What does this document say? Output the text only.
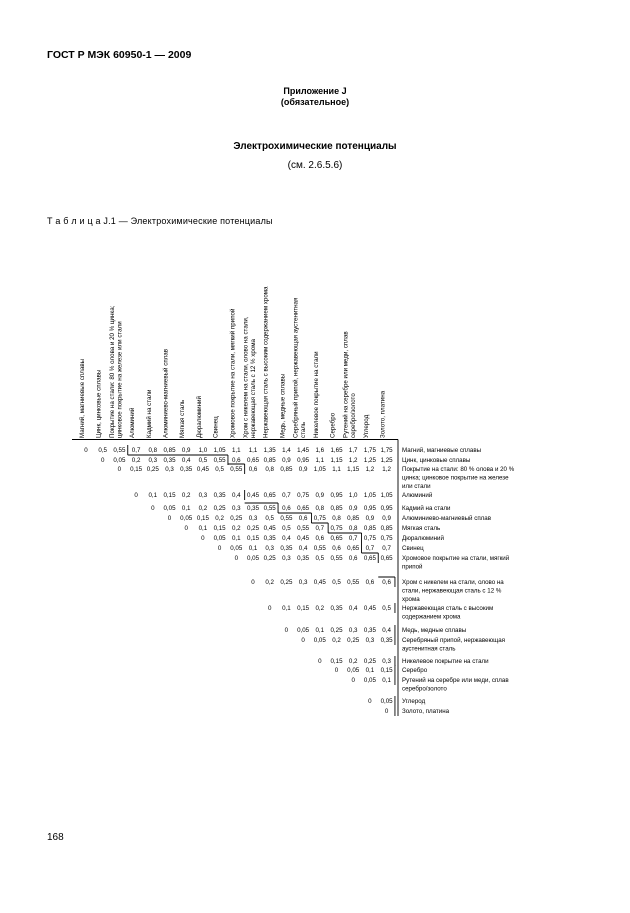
ГОСТ Р МЭК 60950-1 — 2009
Приложение J
(обязательное)
Электрохимические потенциалы
(см. 2.6.5.6)
Т а б л и ц а J.1 — Электрохимические потенциалы
Магний, магниевые сплавы Цинк, цинковые сплавы Покрытие на стали: 80 % олова и 20 % цинка; цинковое покрытие на железе или стали Алюминий Кадмий на стали Алюминиево-магниевый сплав Мягкая сталь Дюралюминий Свинец Хромовое покрытие на стали, мягкий припой Хром с никелем на стали, олово на стали, нержавеющая сталь с 12 % хрома Нержавеющая сталь с высоким содержанием хрома Медь, медные сплавы Серебряный припой, нержавеющая аустенитная сталь Никелевое покрытие на стали Серебро Рутений на серебре или меди, сплав серебро/золото Углерод Золото, платина
0 0,5 0,55 0,7 0,8 0,85 0,9 1,0 1,05 1,1 1,1 1,35 1,4 1,45 1,6 1,65 1,7 1,75 1,75
0 0,05 0,2 0,3 0,35 0,4 0,5 0,55 0,6 0,65 0,85 0,9 0,95 1,1 1,15 1,2 1,25 1,25
0 0,15 0,25 0,3 0,35 0,45 0,5 0,55 0,6 0,8 0,85 0,9 1,05 1,1 1,15 1,2 1,2
0 0,1 0,15 0,2 0,3 0,35 0,4 0,45 0,65 0,7 0,75 0,9 0,95 1,0 1,05 1,05
0 0,05 0,1 0,2 0,25 0,3 0,35 0,55 0,6 0,65 0,8 0,85 0,9 0,95 0,95
0 0,05 0,15 0,2 0,25 0,3 0,5 0,55 0,6 0,75 0,8 0,85 0,9 0,9
0 0,1 0,15 0,2 0,25 0,45 0,5 0,55 0,7 0,75 0,8 0,85 0,85
0 0,05 0,1 0,15 0,35 0,4 0,45 0,6 0,65 0,7 0,75 0,75
0 0,05 0,1 0,3 0,35 0,4 0,55 0,6 0,65 0,7 0,7
0 0,05 0,25 0,3 0,35 0,5 0,55 0,6 0,65 0,65
0 0,2 0,25 0,3 0,45 0,5 0,55 0,6 0,6
0 0,1 0,15 0,2 0,35 0,4 0,45 0,5
0 0,05 0,1 0,25 0,3 0,35 0,4
0 0,05 0,2 0,25 0,3 0,35
0 0,15 0,2 0,25 0,3
0 0,05 0,1 0,15
0 0,05 0,1
0 0,05
0
Магний, магниевые сплавы
Цинк, цинковые сплавы
Покрытие на стали: 80 % олова и 20 %
цинка; цинковое покрытие на железе
или стали
Алюминий
Кадмий на стали
Алюминиево-магниевый сплав
Мягкая сталь
Дюралюминий
Свинец
Хромовое покрытие на стали, мягкий
припой
Хром с никелем на стали, олово на
стали, нержавеющая сталь с 12 %
хрома
Нержавеющая сталь с высоким
содержанием хрома
Медь, медные сплавы
Серебряный припой, нержавеющая
аустенитная сталь
Никелевое покрытие на стали
Серебро
Рутений на серебре или меди, сплав
серебро/золото
Углерод
Золото, платина
168
